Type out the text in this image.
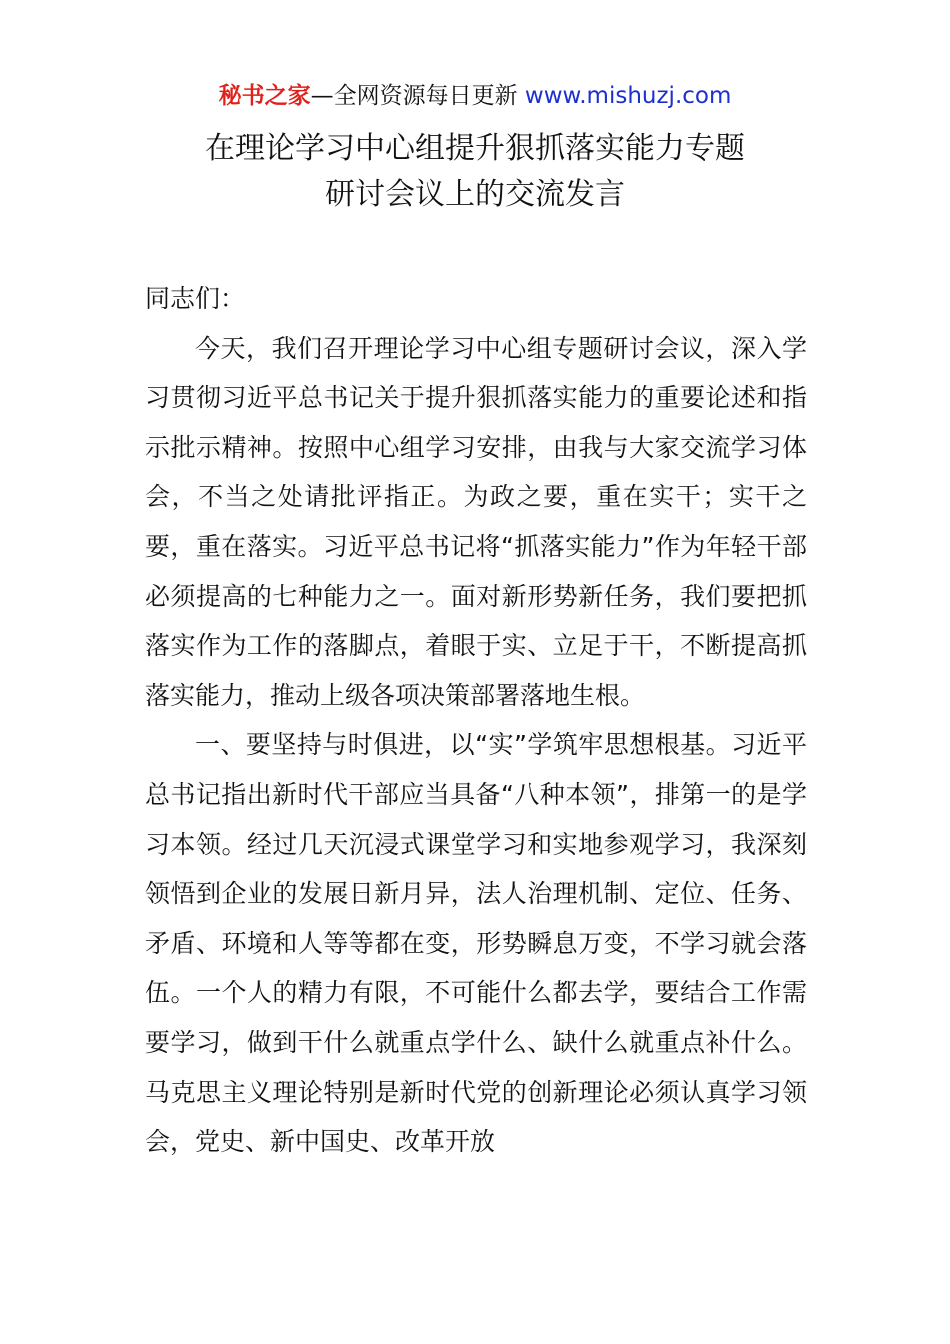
秘书之家—全网资源每日更新 www.mishuzj.com
在理论学习中心组提升狠抓落实能力专题
研讨会议上的交流发言

同志们：

今天，我们召开理论学习中心组专题研讨会议，深入学习贯彻习近平总书记关于提升狠抓落实能力的重要论述和指示批示精神。按照中心组学习安排，由我与大家交流学习体会，不当之处请批评指正。为政之要，重在实干；实干之要，重在落实。习近平总书记将“抓落实能力”作为年轻干部必须提高的七种能力之一。面对新形势新任务，我们要把抓落实作为工作的落脚点，着眼于实、立足于干，不断提高抓落实能力，推动上级各项决策部署落地生根。

一、要坚持与时俱进，以“实”学筑牢思想根基。习近平总书记指出新时代干部应当具备“八种本领”，排第一的是学习本领。经过几天沉浸式课堂学习和实地参观学习，我深刻领悟到企业的发展日新月异，法人治理机制、定位、任务、矛盾、环境和人等等都在变，形势瞬息万变，不学习就会落伍。一个人的精力有限，不可能什么都去学，要结合工作需要学习，做到干什么就重点学什么、缺什么就重点补什么。马克思主义理论特别是新时代党的创新理论必须认真学习领会，党史、新中国史、改革开放
